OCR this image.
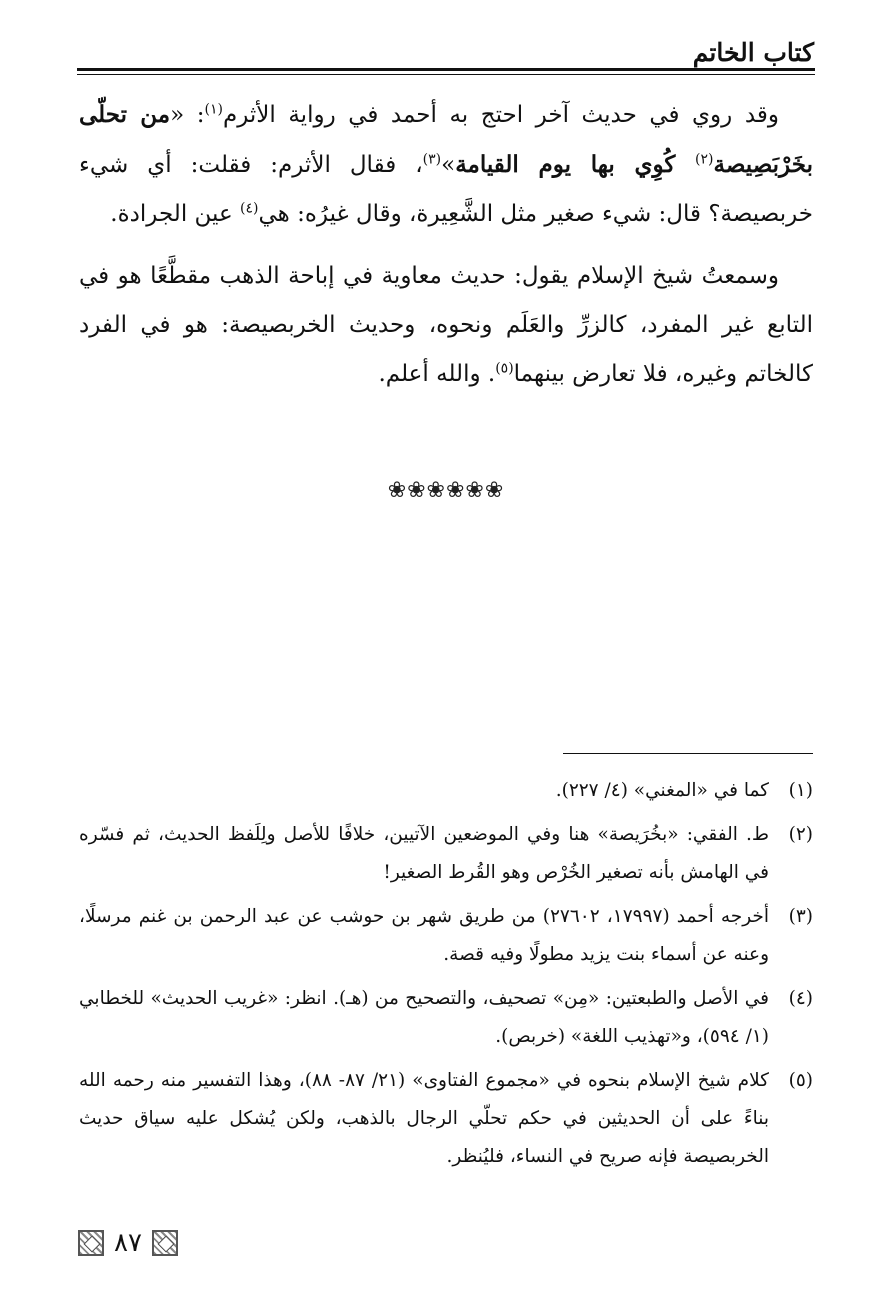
كتاب الخاتم

وقد روي في حديث آخر احتج به أحمد في رواية الأثرم$^{(١)}$: «من تحلّى بخَرْبَصِيصة$^{(٢)}$ كُوِي بها يوم القيامة»$^{(٣)}$، فقال الأثرم: فقلت: أي شيء خربصيصة؟ قال: شيء صغير مثل الشَّعِيرة، وقال غيرُه: هي$^{(٤)}$ عين الجرادة.

وسمعتُ شيخ الإسلام يقول: حديث معاوية في إباحة الذهب مقطَّعًا هو في التابع غير المفرد، كالزرِّ والعَلَم ونحوه، وحديث الخربصيصة: هو في الفرد كالخاتم وغيره، فلا تعارض بينهما$^{(٥)}$. والله أعلم.

❀❀❀❀❀❀
(١)
كما في «المغني» (٤/ ٢٢٧).
(٢)
ط. الفقي: «بخُرَيصة» هنا وفي الموضعين الآتيين، خلافًا للأصل ولِلَفظ الحديث، ثم فسّره في الهامش بأنه تصغير الخُرْص وهو القُرط الصغير!
(٣)
أخرجه أحمد (١٧٩٩٧، ٢٧٦٠٢) من طريق شهر بن حوشب عن عبد الرحمن بن غنم مرسلًا، وعنه عن أسماء بنت يزيد مطولًا وفيه قصة.
(٤)
في الأصل والطبعتين: «مِن» تصحيف، والتصحيح من (هـ). انظر: «غريب الحديث» للخطابي (١/ ٥٩٤)، و«تهذيب اللغة» (خربص).
(٥)
كلام شيخ الإسلام بنحوه في «مجموع الفتاوى» (٢١/ ٨٧- ٨٨)، وهذا التفسير منه رحمه الله بناءً على أن الحديثين في حكم تحلّي الرجال بالذهب، ولكن يُشكل عليه سياق حديث الخربصيصة فإنه صريح في النساء، فليُنظر.
٨٧
